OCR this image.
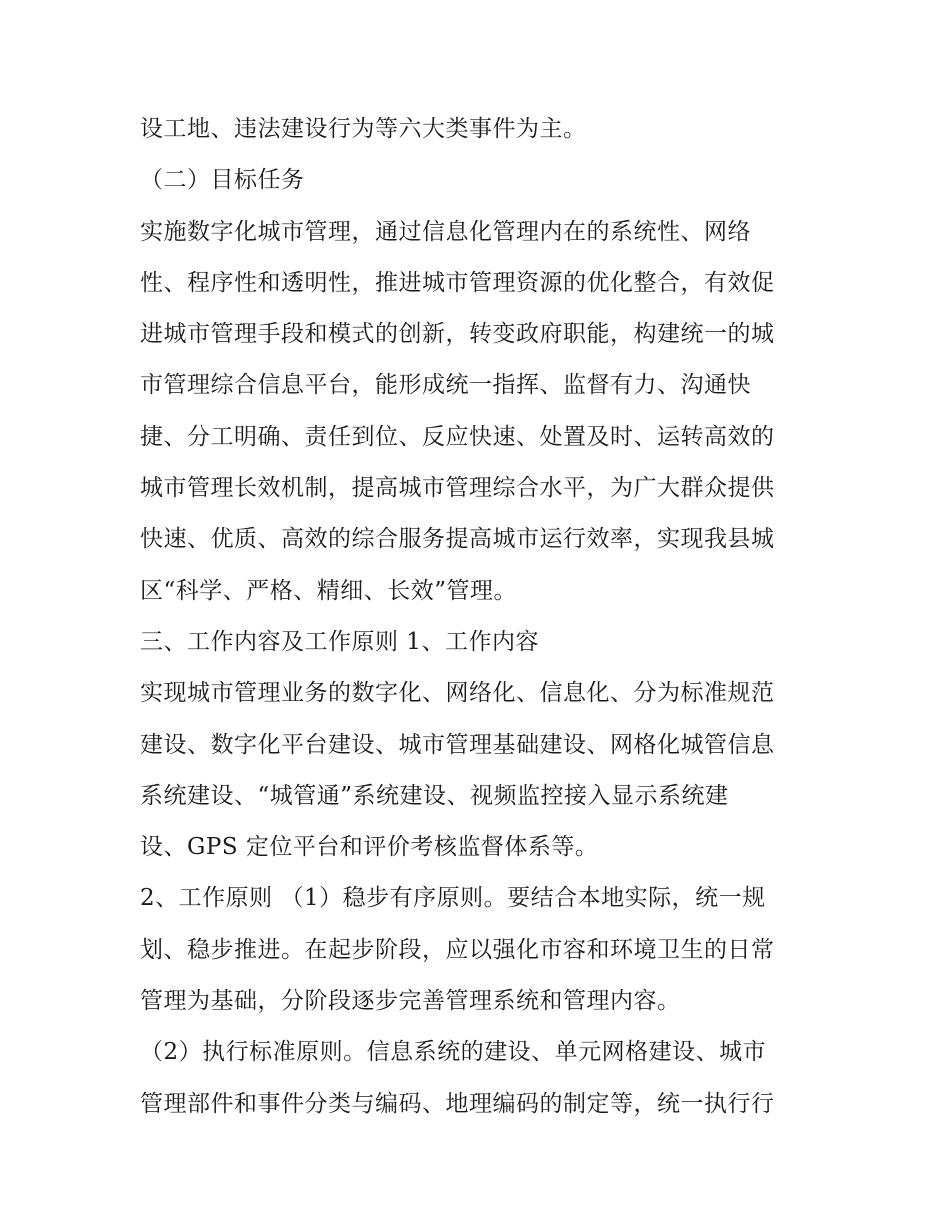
设工地、违法建设行为等六大类事件为主。
（二）目标任务
实施数字化城市管理，通过信息化管理内在的系统性、网络
性、程序性和透明性，推进城市管理资源的优化整合，有效促
进城市管理手段和模式的创新，转变政府职能，构建统一的城
市管理综合信息平台，能形成统一指挥、监督有力、沟通快
捷、分工明确、责任到位、反应快速、处置及时、运转高效的
城市管理长效机制，提高城市管理综合水平，为广大群众提供
快速、优质、高效的综合服务提高城市运行效率，实现我县城
区“科学、严格、精细、长效”管理。
三、工作内容及工作原则 1、工作内容
实现城市管理业务的数字化、网络化、信息化、分为标准规范
建设、数字化平台建设、城市管理基础建设、网格化城管信息
系统建设、“城管通”系统建设、视频监控接入显示系统建
设、GPS 定位平台和评价考核监督体系等。
2、工作原则 （1）稳步有序原则。要结合本地实际，统一规
划、稳步推进。在起步阶段，应以强化市容和环境卫生的日常
管理为基础，分阶段逐步完善管理系统和管理内容。
（2）执行标准原则。信息系统的建设、单元网格建设、城市
管理部件和事件分类与编码、地理编码的制定等，统一执行行
